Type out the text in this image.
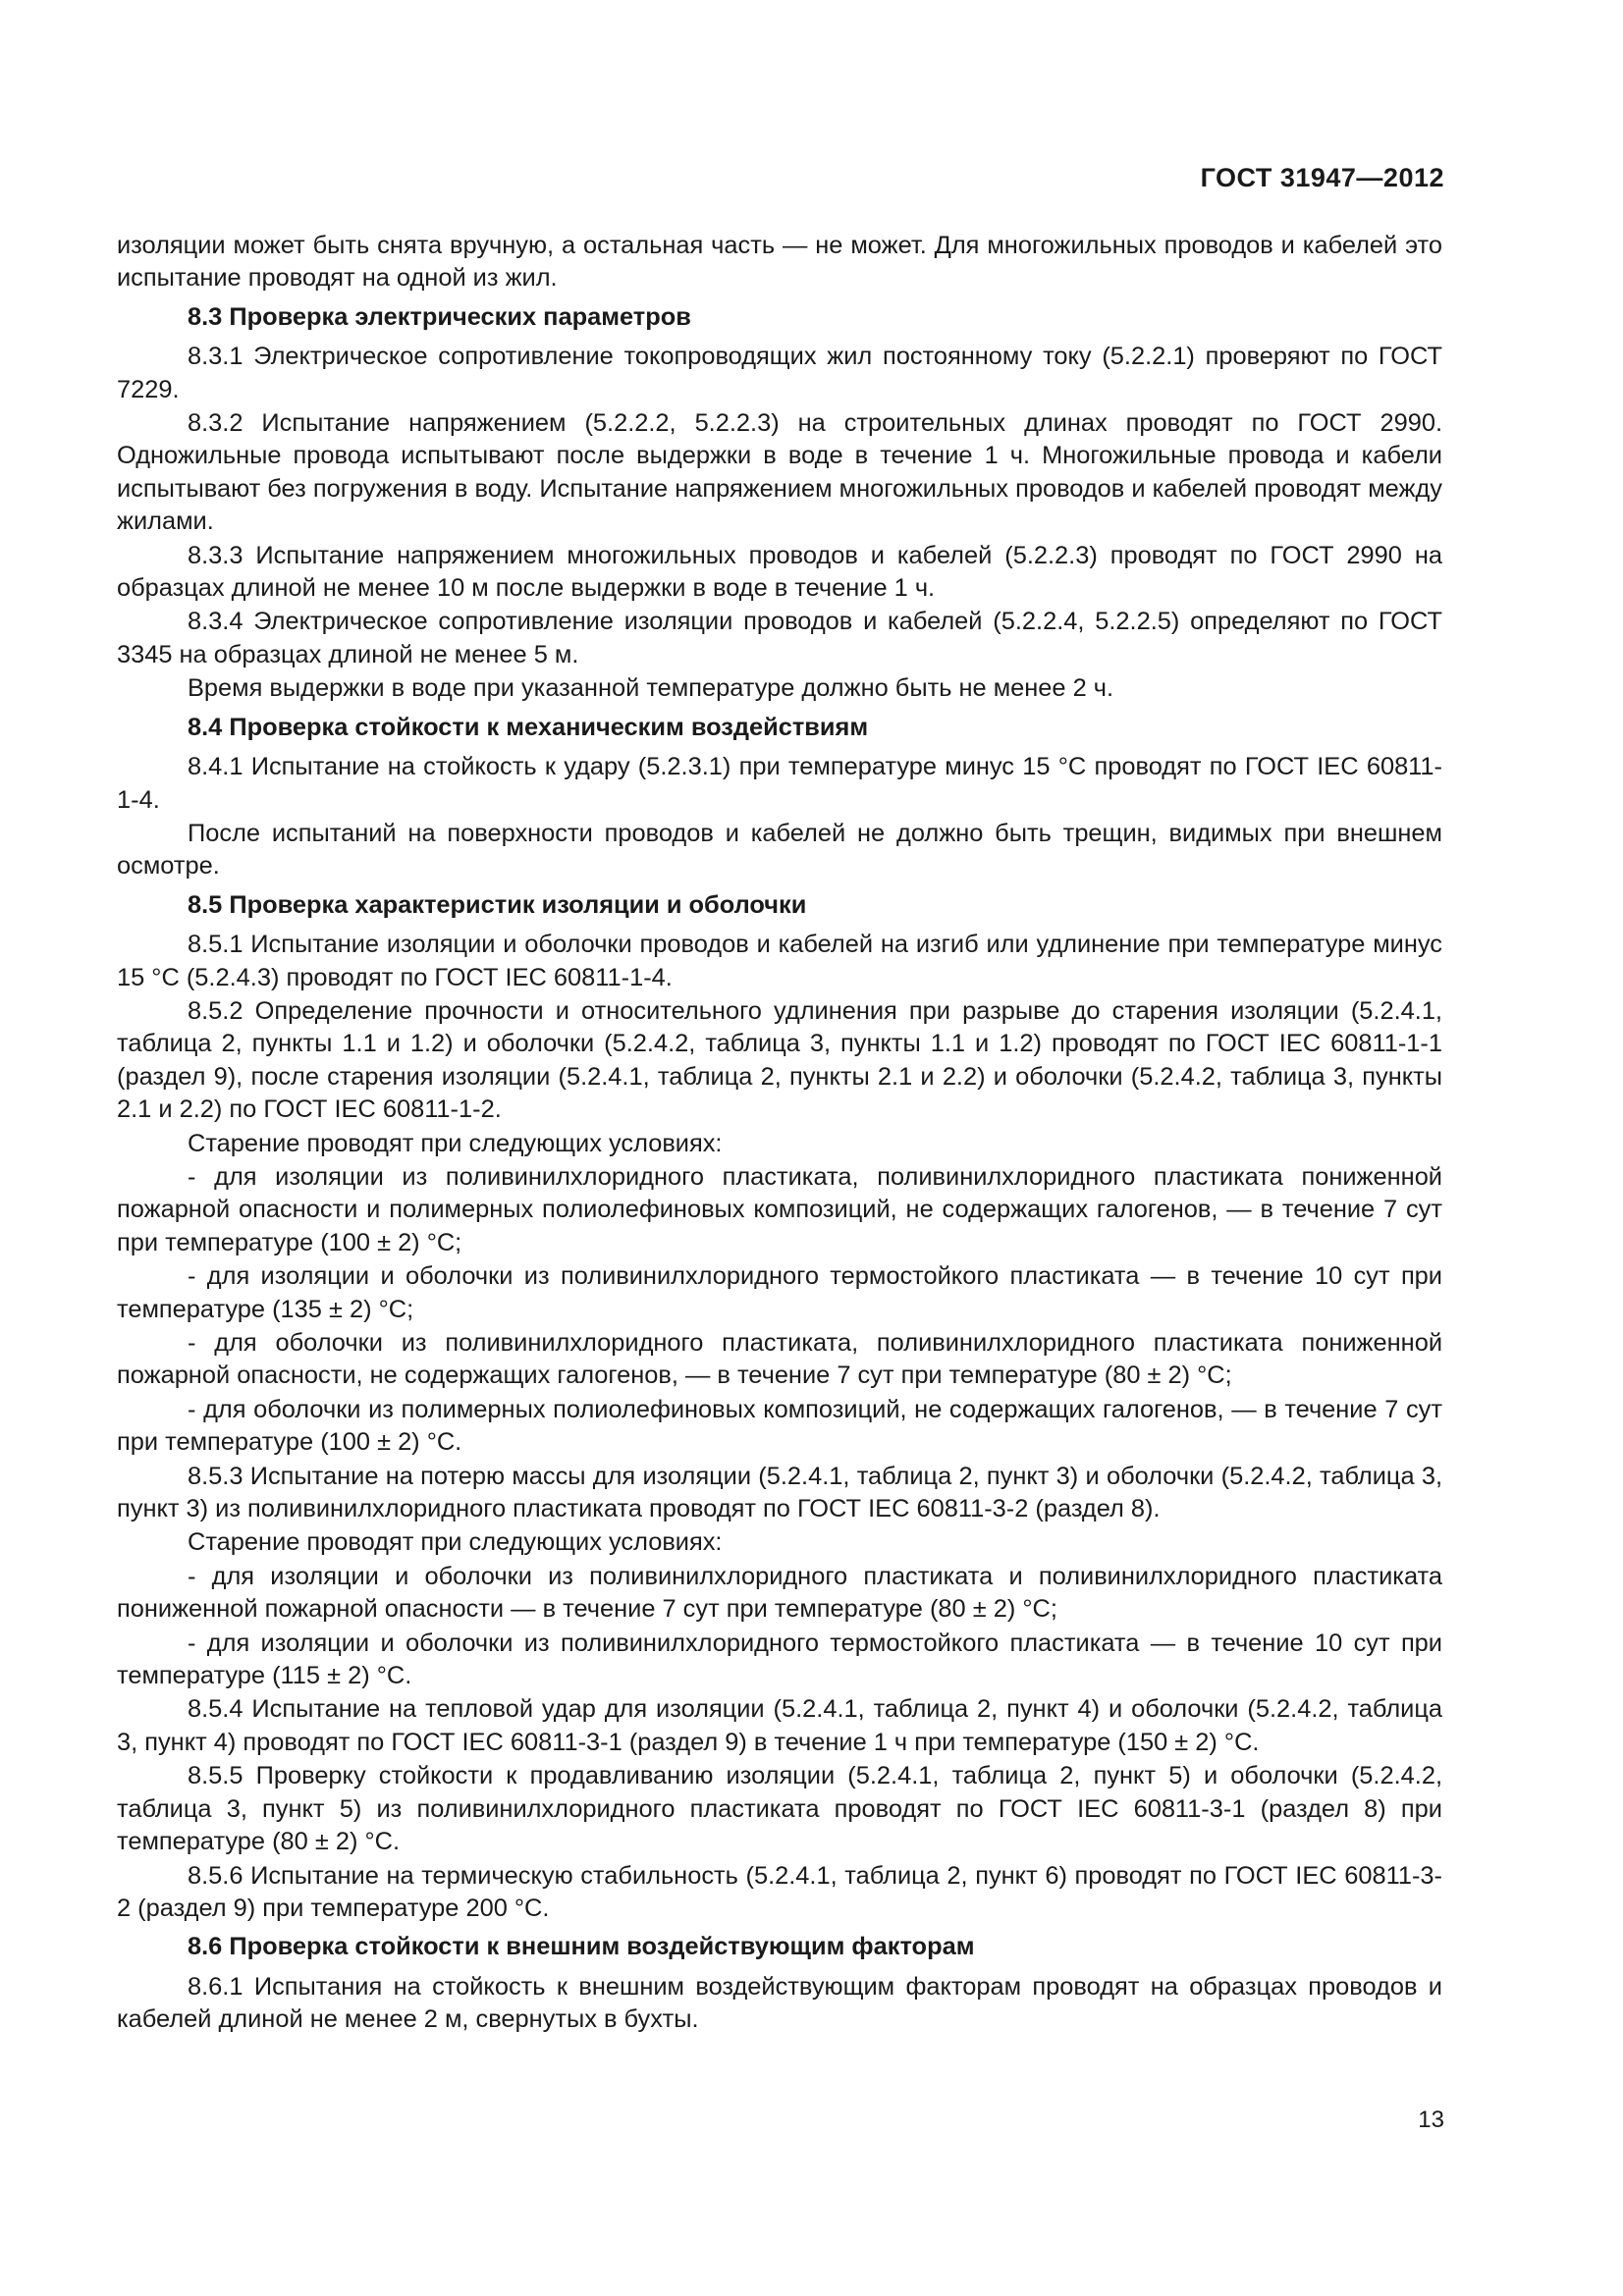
ГОСТ 31947—2012

изоляции может быть снята вручную, а остальная часть — не может. Для многожильных проводов и кабелей это испытание проводят на одной из жил.

8.3 Проверка электрических параметров

8.3.1 Электрическое сопротивление токопроводящих жил постоянному току (5.2.2.1) проверяют по ГОСТ 7229.

8.3.2 Испытание напряжением (5.2.2.2, 5.2.2.3) на строительных длинах проводят по ГОСТ 2990. Одножильные провода испытывают после выдержки в воде в течение 1 ч. Многожильные провода и кабели испытывают без погружения в воду. Испытание напряжением многожильных проводов и кабелей проводят между жилами.

8.3.3 Испытание напряжением многожильных проводов и кабелей (5.2.2.3) проводят по ГОСТ 2990 на образцах длиной не менее 10 м после выдержки в воде в течение 1 ч.

8.3.4 Электрическое сопротивление изоляции проводов и кабелей (5.2.2.4, 5.2.2.5) определяют по ГОСТ 3345 на образцах длиной не менее 5 м.

Время выдержки в воде при указанной температуре должно быть не менее 2 ч.

8.4 Проверка стойкости к механическим воздействиям

8.4.1 Испытание на стойкость к удару (5.2.3.1) при температуре минус 15 °С проводят по ГОСТ IEC 60811-1-4.

После испытаний на поверхности проводов и кабелей не должно быть трещин, видимых при внешнем осмотре.

8.5 Проверка характеристик изоляции и оболочки

8.5.1 Испытание изоляции и оболочки проводов и кабелей на изгиб или удлинение при температуре минус 15 °С (5.2.4.3) проводят по ГОСТ IEC 60811-1-4.

8.5.2 Определение прочности и относительного удлинения при разрыве до старения изоляции (5.2.4.1, таблица 2, пункты 1.1 и 1.2) и оболочки (5.2.4.2, таблица 3, пункты 1.1 и 1.2) проводят по ГОСТ IEC 60811-1-1 (раздел 9), после старения изоляции (5.2.4.1, таблица 2, пункты 2.1 и 2.2) и оболочки (5.2.4.2, таблица 3, пункты 2.1 и 2.2) по ГОСТ IEC 60811-1-2.

Старение проводят при следующих условиях:

- для изоляции из поливинилхлоридного пластиката, поливинилхлоридного пластиката пониженной пожарной опасности и полимерных полиолефиновых композиций, не содержащих галогенов, — в течение 7 сут при температуре (100 ± 2) °С;

- для изоляции и оболочки из поливинилхлоридного термостойкого пластиката — в течение 10 сут при температуре (135 ± 2) °С;

- для оболочки из поливинилхлоридного пластиката, поливинилхлоридного пластиката пониженной пожарной опасности, не содержащих галогенов, — в течение 7 сут при температуре (80 ± 2) °С;

- для оболочки из полимерных полиолефиновых композиций, не содержащих галогенов, — в течение 7 сут при температуре (100 ± 2) °С.

8.5.3 Испытание на потерю массы для изоляции (5.2.4.1, таблица 2, пункт 3) и оболочки (5.2.4.2, таблица 3, пункт 3) из поливинилхлоридного пластиката проводят по ГОСТ IEC 60811-3-2 (раздел 8).

Старение проводят при следующих условиях:

- для изоляции и оболочки из поливинилхлоридного пластиката и поливинилхлоридного пластиката пониженной пожарной опасности — в течение 7 сут при температуре (80 ± 2) °С;

- для изоляции и оболочки из поливинилхлоридного термостойкого пластиката — в течение 10 сут при температуре (115 ± 2) °С.

8.5.4 Испытание на тепловой удар для изоляции (5.2.4.1, таблица 2, пункт 4) и оболочки (5.2.4.2, таблица 3, пункт 4) проводят по ГОСТ IEC 60811-3-1 (раздел 9) в течение 1 ч при температуре (150 ± 2) °С.

8.5.5 Проверку стойкости к продавливанию изоляции (5.2.4.1, таблица 2, пункт 5) и оболочки (5.2.4.2, таблица 3, пункт 5) из поливинилхлоридного пластиката проводят по ГОСТ IEC 60811-3-1 (раздел 8) при температуре (80 ± 2) °С.

8.5.6 Испытание на термическую стабильность (5.2.4.1, таблица 2, пункт 6) проводят по ГОСТ IEC 60811-3-2 (раздел 9) при температуре 200 °С.

8.6 Проверка стойкости к внешним воздействующим факторам

8.6.1 Испытания на стойкость к внешним воздействующим факторам проводят на образцах проводов и кабелей длиной не менее 2 м, свернутых в бухты.

13
